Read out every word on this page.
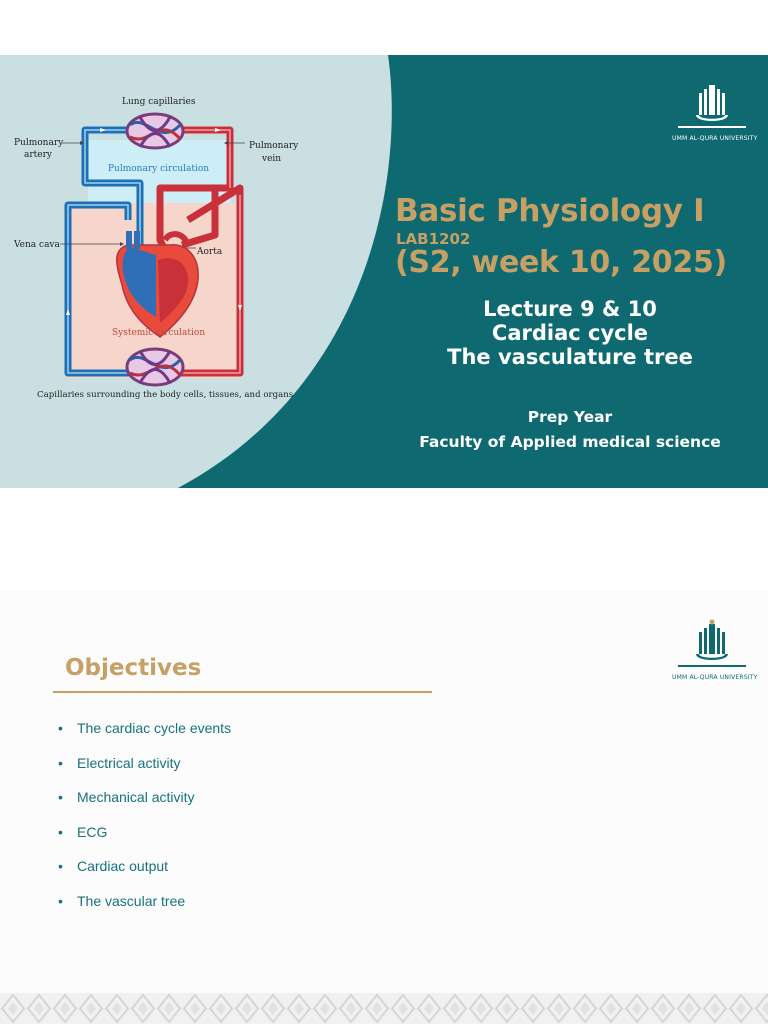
Lung capillaries
Pulmonary
artery
Pulmonary
vein
Pulmonary circulation
Vena cava
Aorta
Systemic circulation
Capillaries surrounding the body cells, tissues, and organs
UMM AL-QURA UNIVERSITY
Basic Physiology I
LAB1202
(S2, week 10, 2025)
Lecture 9 & 10
Cardiac cycle
The vasculature tree
Prep Year
Faculty of Applied medical science
UMM AL-QURA UNIVERSITY
Objectives
• The cardiac cycle events
• Electrical activity
• Mechanical activity
• ECG
• Cardiac output
• The vascular tree
